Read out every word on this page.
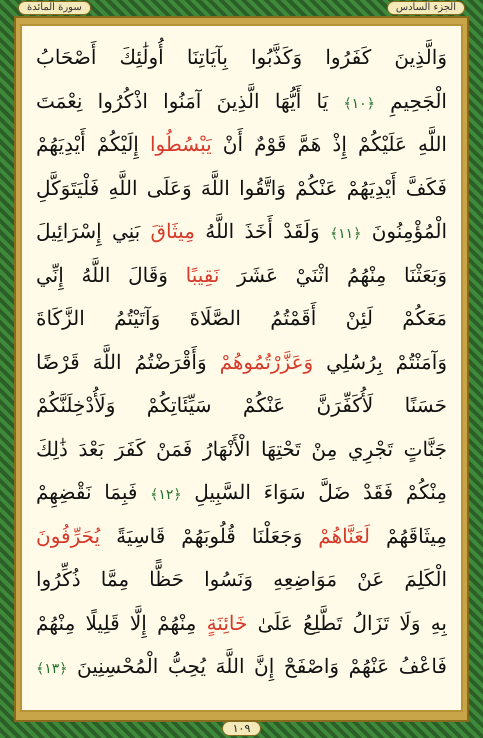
الجزء السادس
سورة المائدة
وَالَّذِينَ كَفَرُوا وَكَذَّبُوا بِآيَاتِنَا أُولَٰئِكَ أَصْحَابُ
الْجَحِيمِ ﴿١٠﴾ يَا أَيُّهَا الَّذِينَ آمَنُوا اذْكُرُوا نِعْمَتَ
اللَّهِ عَلَيْكُمْ إِذْ هَمَّ قَوْمٌ أَنْ يَبْسُطُوا إِلَيْكُمْ أَيْدِيَهُمْ
فَكَفَّ أَيْدِيَهُمْ عَنْكُمْ وَاتَّقُوا اللَّهَ وَعَلَى اللَّهِ فَلْيَتَوَكَّلِ
الْمُؤْمِنُونَ ﴿١١﴾ وَلَقَدْ أَخَذَ اللَّهُ مِيثَاقَ بَنِي إِسْرَائِيلَ
وَبَعَثْنَا مِنْهُمُ اثْنَيْ عَشَرَ نَقِيبًا وَقَالَ اللَّهُ إِنِّي
مَعَكُمْ لَئِنْ أَقَمْتُمُ الصَّلَاةَ وَآتَيْتُمُ الزَّكَاةَ
وَآمَنْتُمْ بِرُسُلِي وَعَزَّرْتُمُوهُمْ وَأَقْرَضْتُمُ اللَّهَ قَرْضًا
حَسَنًا لَأُكَفِّرَنَّ عَنْكُمْ سَيِّئَاتِكُمْ وَلَأُدْخِلَنَّكُمْ
جَنَّاتٍ تَجْرِي مِنْ تَحْتِهَا الْأَنْهَارُ فَمَنْ كَفَرَ بَعْدَ ذَٰلِكَ
مِنْكُمْ فَقَدْ ضَلَّ سَوَاءَ السَّبِيلِ ﴿١٢﴾ فَبِمَا نَقْضِهِمْ
مِيثَاقَهُمْ لَعَنَّاهُمْ وَجَعَلْنَا قُلُوبَهُمْ قَاسِيَةً يُحَرِّفُونَ
الْكَلِمَ عَنْ مَوَاضِعِهِ وَنَسُوا حَظًّا مِمَّا ذُكِّرُوا
بِهِ وَلَا تَزَالُ تَطَّلِعُ عَلَىٰ خَائِنَةٍ مِنْهُمْ إِلَّا قَلِيلًا مِنْهُمْ
فَاعْفُ عَنْهُمْ وَاصْفَحْ إِنَّ اللَّهَ يُحِبُّ الْمُحْسِنِينَ ﴿١٣﴾
١٠٩
